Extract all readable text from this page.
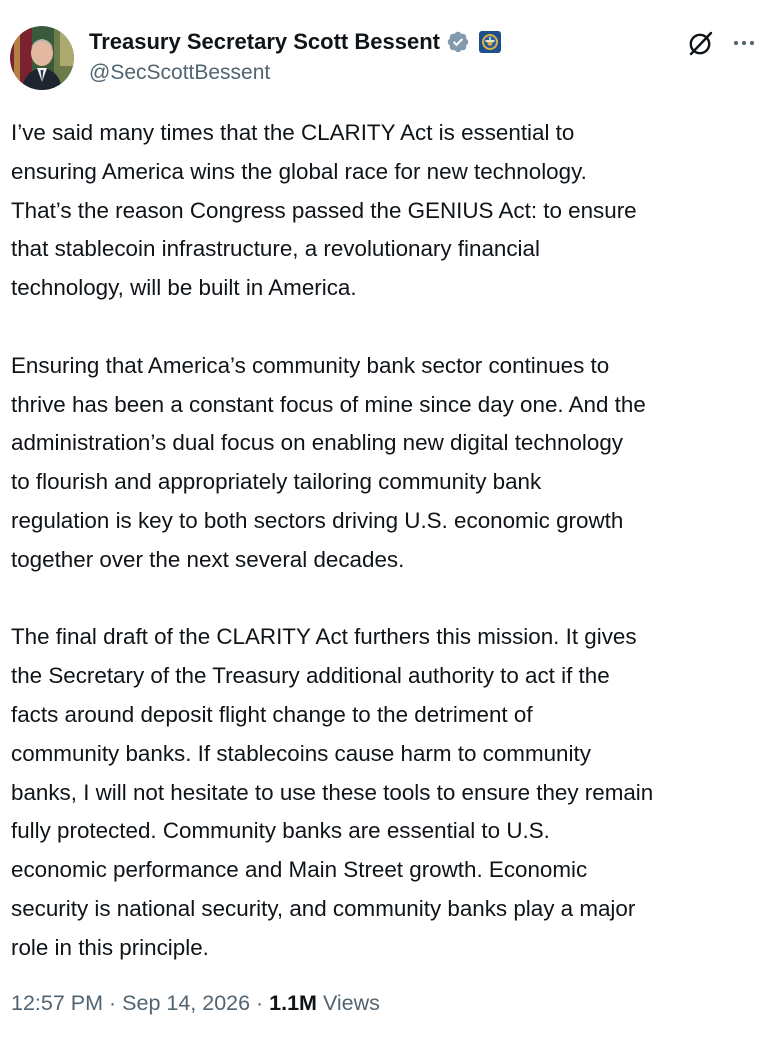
Treasury Secretary Scott Bessent
@SecScottBessent

I’ve said many times that the CLARITY Act is essential to
ensuring America wins the global race for new technology.
That’s the reason Congress passed the GENIUS Act: to ensure
that stablecoin infrastructure, a revolutionary financial
technology, will be built in America.

Ensuring that America’s community bank sector continues to
thrive has been a constant focus of mine since day one. And the
administration’s dual focus on enabling new digital technology
to flourish and appropriately tailoring community bank
regulation is key to both sectors driving U.S. economic growth
together over the next several decades.

The final draft of the CLARITY Act furthers this mission. It gives
the Secretary of the Treasury additional authority to act if the
facts around deposit flight change to the detriment of
community banks. If stablecoins cause harm to community
banks, I will not hesitate to use these tools to ensure they remain
fully protected. Community banks are essential to U.S.
economic performance and Main Street growth. Economic
security is national security, and community banks play a major
role in this principle.

12:57 PM · Sep 14, 2026 · 1.1M Views
